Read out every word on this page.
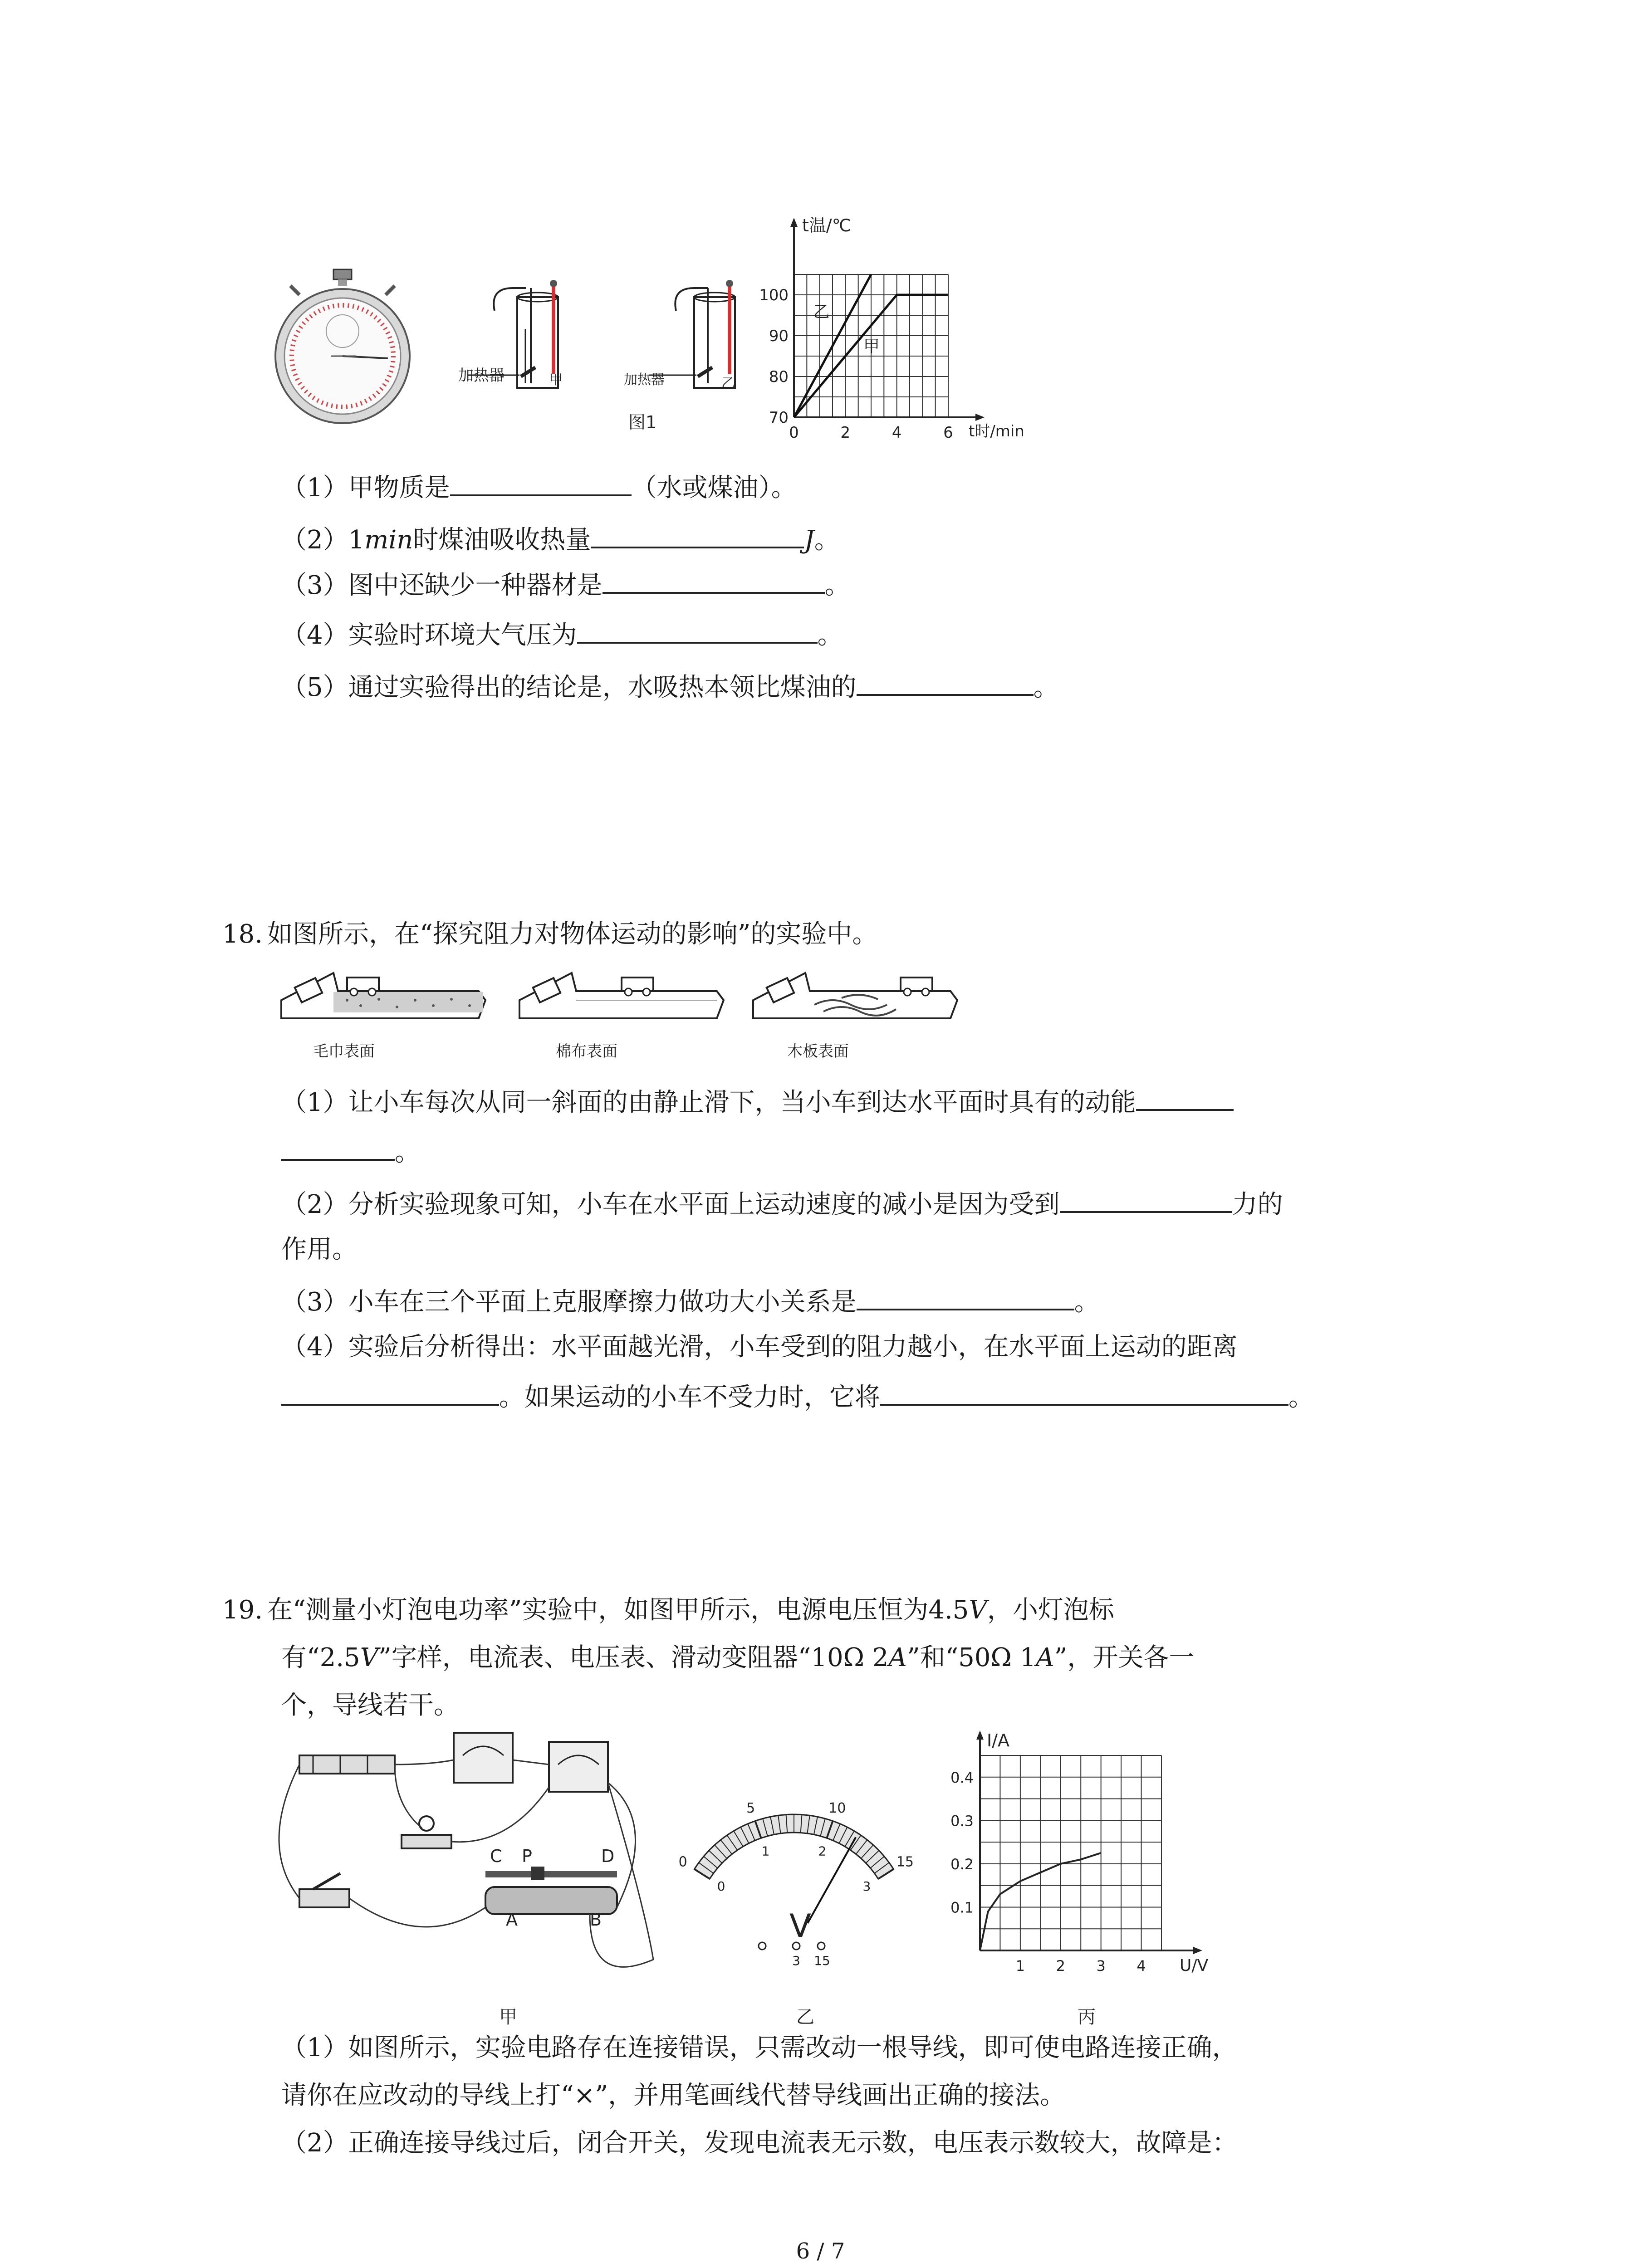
加热器	甲	加热器	乙
图1
t温/℃
t时/min
70
80
90
100
0	2	4	6
乙
甲
（1）甲物质是	（水或煤油）。
（2）1min时煤油吸收热量	J。
（3）图中还缺少一种器材是	。
（4）实验时环境大气压为	。
（5）通过实验得出的结论是，水吸热本领比煤油的	。
18. 如图所示，在“探究阻力对物体运动的影响”的实验中。
毛巾表面	棉布表面	木板表面
（1）让小车每次从同一斜面的由静止滑下，当小车到达水平面时具有的动能
。
（2）分析实验现象可知，小车在水平面上运动速度的减小是因为受到	力的
作用。
（3）小车在三个平面上克服摩擦力做功大小关系是	。
（4）实验后分析得出：水平面越光滑，小车受到的阻力越小，在水平面上运动的距离
。如果运动的小车不受力时，它将	。
19. 在“测量小灯泡电功率”实验中，如图甲所示，电源电压恒为4.5V，小灯泡标
有“2.5V”字样，电流表、电压表、滑动变阻器“10Ω 2A”和“50Ω 1A”，开关各一
个，导线若干。
C P	D
A	B
甲
0
5	10
15
0
1	2
3
V
3 15
乙
I/A
U/V
0.1
0.2
0.3
0.4
1 2 3 4
丙
（1）如图所示，实验电路存在连接错误，只需改动一根导线，即可使电路连接正确，
请你在应改动的导线上打“×”，并用笔画线代替导线画出正确的接法。
（2）正确连接导线过后，闭合开关，发现电流表无示数，电压表示数较大，故障是：
6 / 7
